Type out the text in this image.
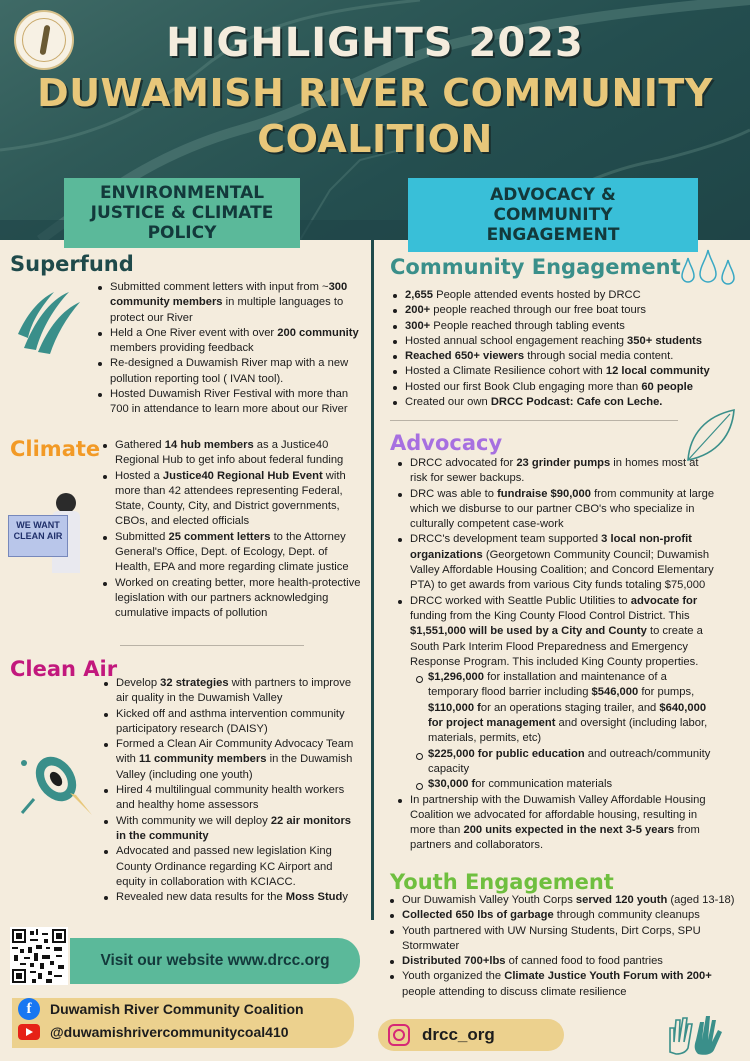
HIGHLIGHTS 2023
DUWAMISH RIVER COMMUNITY
COALITION
ENVIRONMENTAL
JUSTICE & CLIMATE
POLICY
ADVOCACY &
COMMUNITY
ENGAGEMENT
Superfund
Submitted comment letters with input from ~300 community members in multiple languages to protect our River
Held a One River event with over 200 community members providing feedback
Re-designed a Duwamish River map with a new pollution reporting tool ( IVAN tool).
Hosted Duwamish River Festival with more than 700 in attendance to learn more about our River
Climate	Gathered 14 hub members as a Justice40 Regional Hub to get info about federal funding
Hosted a Justice40 Regional Hub Event with more than 42 attendees representing Federal, State, County, City, and District governments, CBOs, and elected officials
Submitted 25 comment letters to the Attorney General's Office, Dept. of Ecology, Dept. of Health, EPA and more regarding climate justice
Worked on creating better, more health-protective legislation with our partners acknowledging cumulative impacts of pollution
WE WANT CLEAN AIR
Clean Air
Develop 32 strategies with partners to improve air quality in the Duwamish Valley
Kicked off and asthma intervention community participatory research (DAISY)
Formed a Clean Air Community Advocacy Team with 11 community members in the Duwamish Valley (including one youth)
Hired 4 multilingual community health workers and healthy home assessors
With community we will deploy 22 air monitors in the community
Advocated and passed new legislation King County Ordinance regarding KC Airport and equity in collaboration with KCIACC.
Revealed new data results for the Moss Study
Community Engagement
2,655 People attended events hosted by DRCC
200+ people reached through our free boat tours
300+ People reached through tabling events
Hosted annual school engagement reaching 350+ students
Reached 650+ viewers through social media content.
Hosted a Climate Resilience cohort with 12 local community
Hosted our first Book Club engaging more than 60 people
Created our own DRCC Podcast: Cafe con Leche.
Advocacy
DRCC advocated for 23 grinder pumps in homes most at risk for sewer backups.
DRC was able to fundraise $90,000 from community at large which we disburse to our partner CBO's who specialize in culturally competent case-work
DRCC's development team supported 3 local non-profit organizations (Georgetown Community Council; Duwamish Valley Affordable Housing Coalition; and Concord Elementary PTA) to get awards from various City funds totaling $75,000
DRCC worked with Seattle Public Utilities to advocate for funding from the King County Flood Control District. This $1,551,000 will be used by a City and County to create a South Park Interim Flood Preparedness and Emergency Response Program. This included King County properties.
$1,296,000 for installation and maintenance of a temporary flood barrier including $546,000 for pumps, $110,000 for an operations staging trailer, and $640,000 for project management and oversight (including labor, materials, permits, etc)
$225,000 for public education and outreach/community capacity
$30,000 for communication materials
In partnership with the Duwamish Valley Affordable Housing Coalition we advocated for affordable housing, resulting in more than 200 units expected in the next 3-5 years from partners and collaborators.
Youth Engagement
Our Duwamish Valley Youth Corps served 120 youth (aged 13-18)
Collected 650 lbs of garbage through community cleanups
Youth partnered with UW Nursing Students, Dirt Corps, SPU Stormwater
Distributed 700+lbs of canned food to food pantries
Youth organized the Climate Justice Youth Forum with 200+ people attending to discuss climate resilience
Visit our website www.drcc.org
f	Duwamish River Community Coalition
@duwamishrivercommunitycoal410	drcc_org
